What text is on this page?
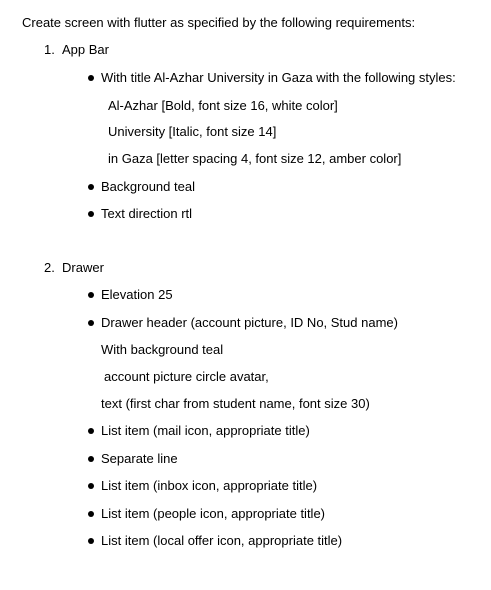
Create screen with flutter as specified by the following requirements:
1. App Bar
With title Al-Azhar University in Gaza with the following styles:
Al-Azhar [Bold, font size 16, white color]
University [Italic, font size 14]
in Gaza [letter spacing 4, font size 12, amber color]
Background teal
Text direction rtl
2. Drawer
Elevation 25
Drawer header (account picture, ID No, Stud name)
With background teal
account picture circle avatar,
text (first char from student name, font size 30)
List item (mail icon, appropriate title)
Separate line
List item (inbox icon, appropriate title)
List item (people icon, appropriate title)
List item (local offer icon, appropriate title)
